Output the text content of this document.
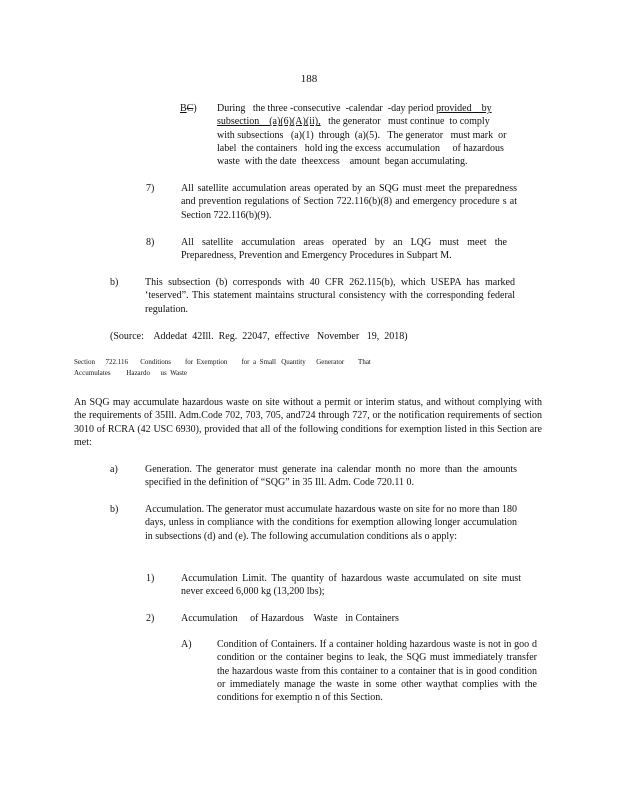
188
BC) During   the three -consecutive  -calendar  -day period provided    by
subsection    (a)(6)(A)(ii),   the generator   must continue  to comply
with subsections   (a)(1)  through  (a)(5).   The generator   must mark  or
label  the containers   hold ing the excess  accumulation     of hazardous
waste  with the date  theexcess    amount  began accumulating.
7)	All satellite accumulation areas operated by an SQG must meet the preparedness and prevention regulations of Section 722.116(b)(8) and emergency procedure s at Section 722.116(b)(9).
8)	All satellite accumulation areas operated by an LQG must meet the Preparedness, Prevention and Emergency Procedures in Subpart M.
b)	This subsection (b) corresponds with 40 CFR 262.115(b), which USEPA has marked ‘teserved”. This statement maintains structural consistency with the corresponding federal regulation.
(Source:    Addedat  42Ill.  Reg.  22047,  effective   November   19,  2018)
Section      722.116       Conditions        for  Exemption        for  a  Small   Quantity      Generator        That
Accumulates         Hazardo      us  Waste
An SQG may accumulate hazardous waste on site without a permit or interim status, and without complying with the requirements of 35Ill. Adm.Code 702, 703, 705, and724 through 727, or the notification requirements of section 3010 of RCRA (42 USC 6930), provided that all of the following conditions for exemption listed in this Section are met:
a)	Generation. The generator must generate ina calendar month no more than the amounts specified in the definition of “SQG” in 35 Ill. Adm. Code 720.11 0.
b)	Accumulation. The generator must accumulate hazardous waste on site for no more than 180 days, unless in compliance with the conditions for exemption allowing longer accumulation in subsections (d) and (e). The following accumulation conditions als o apply:
1)	Accumulation Limit. The quantity of hazardous waste accumulated on site must never exceed 6,000 kg (13,200 lbs);
2)	Accumulation     of Hazardous    Waste   in Containers
A)	Condition of Containers. If a container holding hazardous waste is not in goo d condition or the container begins to leak, the SQG must immediately transfer the hazardous waste from this container to a container that is in good condition or immediately manage the waste in some other waythat complies with the conditions for exemptio n of this Section.
